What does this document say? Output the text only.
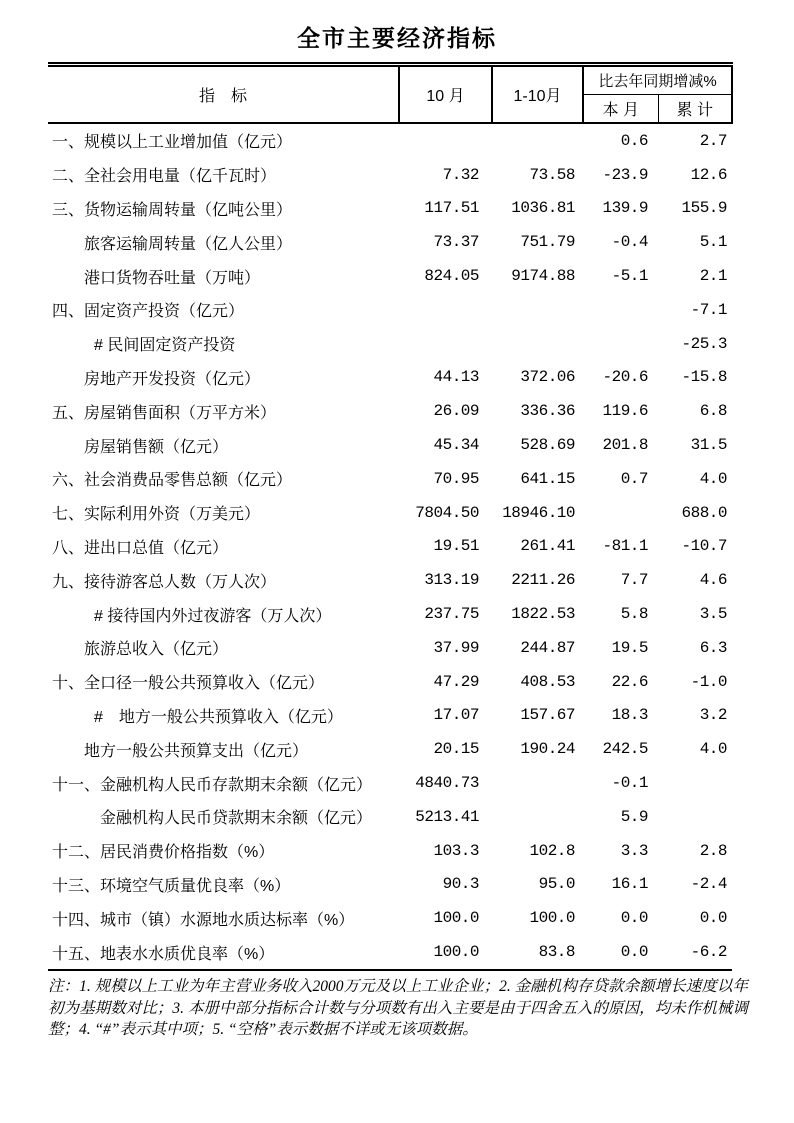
全市主要经济指标
指　标	10 月	1-10月	比去年同期增减%	
			本 月	累 计
一、规模以上工业增加值（亿元）			0.6	2.7
二、全社会用电量（亿千瓦时）	7.32	73.58	-23.9	12.6
三、货物运输周转量（亿吨公里）	117.51	1036.81	139.9	155.9
旅客运输周转量（亿人公里）	73.37	751.79	-0.4	5.1
港口货物吞吐量（万吨）	824.05	9174.88	-5.1	2.1
四、固定资产投资（亿元）				-7.1
# 民间固定资产投资				-25.3
房地产开发投资（亿元）	44.13	372.06	-20.6	-15.8
五、房屋销售面积（万平方米）	26.09	336.36	119.6	6.8
房屋销售额（亿元）	45.34	528.69	201.8	31.5
六、社会消费品零售总额（亿元）	70.95	641.15	0.7	4.0
七、实际利用外资（万美元）	7804.50	18946.10		688.0
八、进出口总值（亿元）	19.51	261.41	-81.1	-10.7
九、接待游客总人数（万人次）	313.19	2211.26	7.7	4.6
# 接待国内外过夜游客（万人次）	237.75	1822.53	5.8	3.5
旅游总收入（亿元）	37.99	244.87	19.5	6.3
十、全口径一般公共预算收入（亿元）	47.29	408.53	22.6	-1.0
#　地方一般公共预算收入（亿元）	17.07	157.67	18.3	3.2
地方一般公共预算支出（亿元）	20.15	190.24	242.5	4.0
十一、金融机构人民币存款期末余额（亿元）	4840.73		-0.1	
金融机构人民币贷款期末余额（亿元）	5213.41		5.9	
十二、居民消费价格指数（%）	103.3	102.8	3.3	2.8
十三、环境空气质量优良率（%）	90.3	95.0	16.1	-2.4
十四、城市（镇）水源地水质达标率（%）	100.0	100.0	0.0	0.0
十五、地表水水质优良率（%）	100.0	83.8	0.0	-6.2
注：1. 规模以上工业为年主营业务收入2000万元及以上工业企业；2. 金融机构存贷款余额增长速度以年初为基期数对比；3. 本册中部分指标合计数与分项数有出入主要是由于四舍五入的原因，均未作机械调整；4. “#”表示其中项；5. “空格”表示数据不详或无该项数据。
